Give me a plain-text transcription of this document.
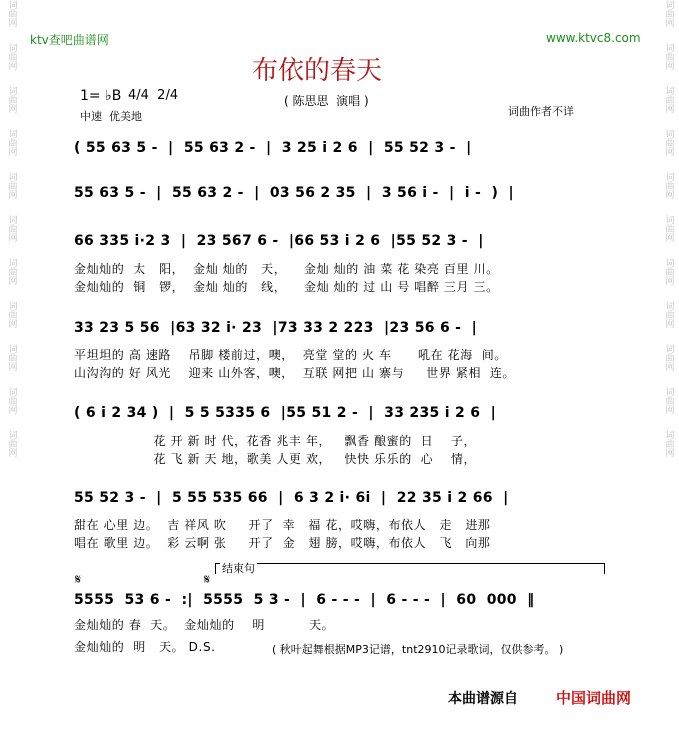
词曲网
词曲网
词曲网
词曲网
词曲网
词曲网
词曲网
词曲网
词曲网
词曲网
词曲网
词曲网
词曲网
词曲网
词曲网
词曲网
词曲网
词曲网
词曲网
词曲网
词曲网
词曲网
ktv查吧曲谱网	www.ktvc8.com
布依的春天
1= ♭B 4/4  2/4
中速  优美地
( 陈思思  演唱 )
词曲作者不详
( 55 63 5 -  |  55 63 2 -  |  3 25 i 2 6  |  55 52 3 -  |
55 63 5 -  |  55 63 2 -  |  03 56 2 35  |  3 56 i -  |  i -  )  |
66 335 i·2 3  |  23 567 6 -  |66 53 i 2 6  |55 52 3 -  |
金灿灿的  太   阳，  金灿 灿的   天，    金灿 灿的 油 菜 花 染亮 百里 川。
金灿灿的  铜   锣，  金灿 灿的   线，    金灿 灿的 过 山 号 唱醉 三月 三。
33 23 5 56  |63 32 i· 23  |73 33 2 223  |23 56 6 -  |
平坦坦的 高 速路    吊脚 楼前过，噢，  亮堂 堂的 火 车      吼在 花海  间。
山沟沟的 好 风光    迎来 山外客，噢，  互联 网把 山 寨与     世界 紧相  连。
( 6 i 2 34 )  |  5 5 5335 6  |55 51 2 -  |  33 235 i 2 6  |
花 开 新 时 代，花香 兆丰 年，   飘香 酿蜜的  日    子，
花 飞 新 天 地，歌美 人更 欢，   快快 乐乐的  心    情，
55 52 3 -  |  5 55 535 66  |  6 3 2 i· 6i  |  22 35 i 2 66  |
甜在 心里 边。  吉 祥风 吹     开了  幸   福 花，哎嗨，布依人   走   进那
唱在 歌里 边。  彩 云啊 张     开了  金   翅 膀，哎嗨，布依人   飞   向那
结束句
𝄋	𝄋
5555  53 6 -  :|  5555  5 3 -  |  6 - - -  |  6 - - -  |  60  000  ‖
金灿灿的 春  天。  金灿灿的    明          天。
金灿灿的  明   天。 D.S.	( 秋叶起舞根据MP3记谱，tnt2910记录歌词，仅供参考。 )
本曲谱源自	中国词曲网
